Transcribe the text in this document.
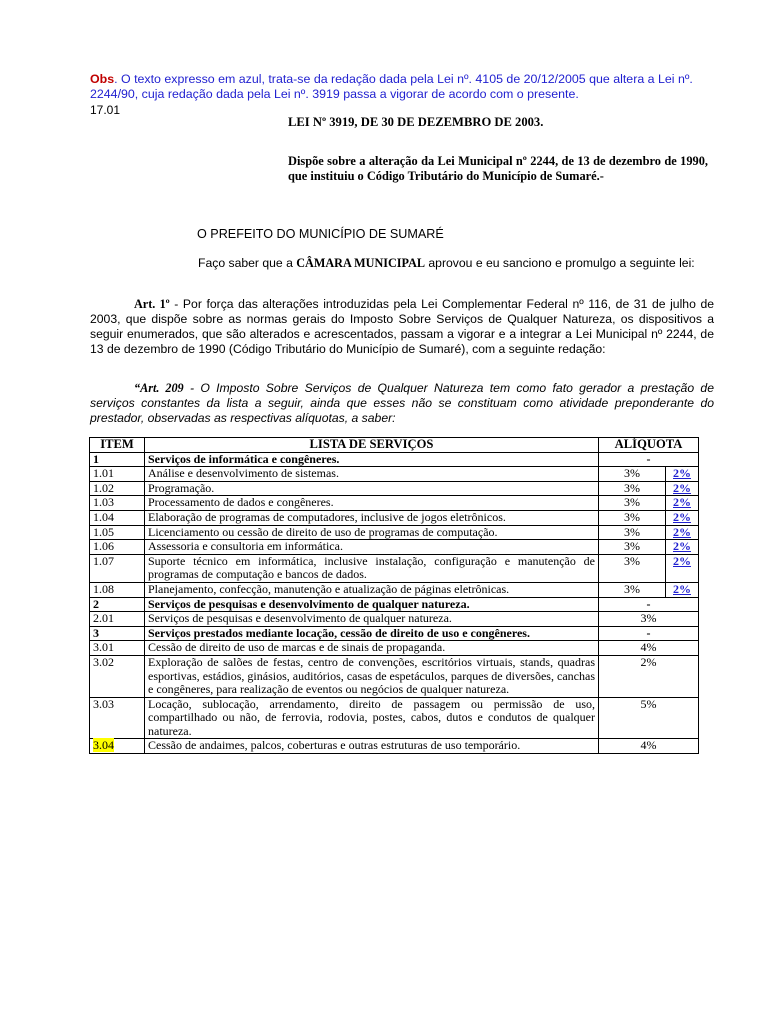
Obs. O texto expresso em azul, trata-se da redação dada pela Lei nº. 4105 de 20/12/2005 que altera a Lei nº. 2244/90, cuja redação dada pela Lei nº. 3919 passa a vigorar de acordo com o presente.
17.01
LEI Nº 3919, DE 30 DE DEZEMBRO DE 2003.
Dispõe sobre a alteração da Lei Municipal nº 2244, de 13 de dezembro de 1990, que instituiu o Código Tributário do Município de Sumaré.-
O PREFEITO DO MUNICÍPIO DE SUMARÉ
Faço saber que a CÂMARA MUNICIPAL aprovou e eu sanciono e promulgo a seguinte lei:
Art. 1º - Por força das alterações introduzidas pela Lei Complementar Federal nº 116, de 31 de julho de 2003, que dispõe sobre as normas gerais do Imposto Sobre Serviços de Qualquer Natureza, os dispositivos a seguir enumerados, que são alterados e acrescentados, passam a vigorar e a integrar a Lei Municipal nº 2244, de 13 de dezembro de 1990 (Código Tributário do Município de Sumaré), com a seguinte redação:
“Art. 209 - O Imposto Sobre Serviços de Qualquer Natureza tem como fato gerador a prestação de serviços constantes da lista a seguir, ainda que esses não se constituam como atividade preponderante do prestador, observadas as respectivas alíquotas, a saber:
ITEM	LISTA DE SERVIÇOS	ALÍQUOTA	
1	Serviços de informática e congêneres.	-	
1.01	Análise e desenvolvimento de sistemas.	3%	2%
1.02	Programação.	3%	2%
1.03	Processamento de dados e congêneres.	3%	2%
1.04	Elaboração de programas de computadores, inclusive de jogos eletrônicos.	3%	2%
1.05	Licenciamento ou cessão de direito de uso de programas de computação.	3%	2%
1.06	Assessoria e consultoria em informática.	3%	2%
1.07	Suporte técnico em informática, inclusive instalação, configuração e manutenção de programas de computação e bancos de dados.	3%	2%
1.08	Planejamento, confecção, manutenção e atualização de páginas eletrônicas.	3%	2%
2	Serviços de pesquisas e desenvolvimento de qualquer natureza.	-	
2.01	Serviços de pesquisas e desenvolvimento de qualquer natureza.	3%	
3	Serviços prestados mediante locação, cessão de direito de uso e congêneres.	-	
3.01	Cessão de direito de uso de marcas e de sinais de propaganda.	4%	
3.02	Exploração de salões de festas, centro de convenções, escritórios virtuais, stands, quadras esportivas, estádios, ginásios, auditórios, casas de espetáculos, parques de diversões, canchas e congêneres, para realização de eventos ou negócios de qualquer natureza.	2%	
3.03	Locação, sublocação, arrendamento, direito de passagem ou permissão de uso, compartilhado ou não, de ferrovia, rodovia, postes, cabos, dutos e condutos de qualquer natureza.	5%	
3.04	Cessão de andaimes, palcos, coberturas e outras estruturas de uso temporário.	4%	
